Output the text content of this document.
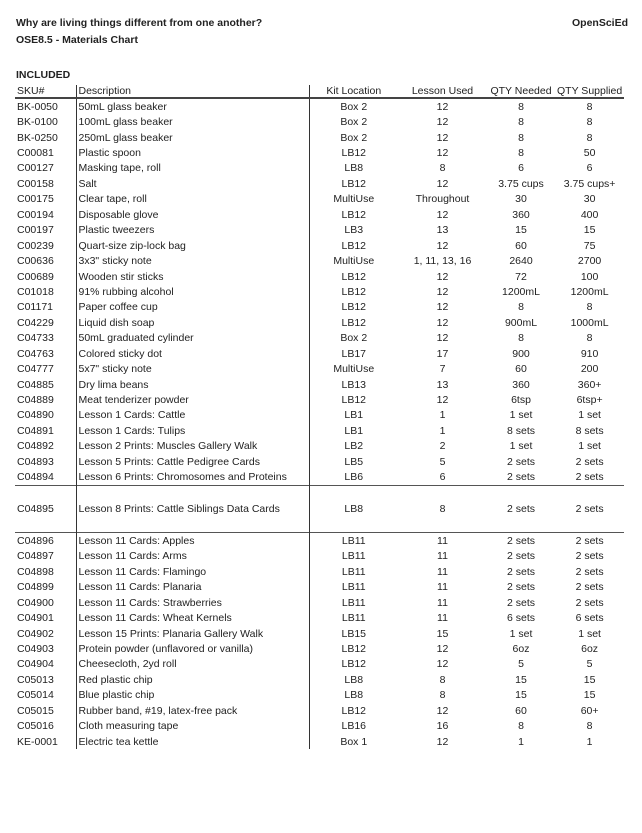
Why are living things different from one another?
OSE8.5 - Materials Chart
OpenSciEd
INCLUDED
SKU#	Description	Kit Location	Lesson Used	QTY Needed	QTY Supplied
BK-0050	50mL glass beaker	Box 2	12	8	8
BK-0100	100mL glass beaker	Box 2	12	8	8
BK-0250	250mL glass beaker	Box 2	12	8	8
C00081	Plastic spoon	LB12	12	8	50
C00127	Masking tape, roll	LB8	8	6	6
C00158	Salt	LB12	12	3.75 cups	3.75 cups+
C00175	Clear tape, roll	MultiUse	Throughout	30	30
C00194	Disposable glove	LB12	12	360	400
C00197	Plastic tweezers	LB3	13	15	15
C00239	Quart-size zip-lock bag	LB12	12	60	75
C00636	3x3" sticky note	MultiUse	1, 11, 13, 16	2640	2700
C00689	Wooden stir sticks	LB12	12	72	100
C01018	91% rubbing alcohol	LB12	12	1200mL	1200mL
C01171	Paper coffee cup	LB12	12	8	8
C04229	Liquid dish soap	LB12	12	900mL	1000mL
C04733	50mL graduated cylinder	Box 2	12	8	8
C04763	Colored sticky dot	LB17	17	900	910
C04777	5x7" sticky note	MultiUse	7	60	200
C04885	Dry lima beans	LB13	13	360	360+
C04889	Meat tenderizer powder	LB12	12	6tsp	6tsp+
C04890	Lesson 1 Cards: Cattle	LB1	1	1 set	1 set
C04891	Lesson 1 Cards: Tulips	LB1	1	8 sets	8 sets
C04892	Lesson 2 Prints: Muscles Gallery Walk	LB2	2	1 set	1 set
C04893	Lesson 5 Prints: Cattle Pedigree Cards	LB5	5	2 sets	2 sets
C04894	Lesson 6 Prints: Chromosomes and Proteins	LB6	6	2 sets	2 sets
C04895	Lesson 8 Prints: Cattle Siblings Data Cards	LB8	8	2 sets	2 sets
C04896	Lesson 11 Cards: Apples	LB11	11	2 sets	2 sets
C04897	Lesson 11 Cards: Arms	LB11	11	2 sets	2 sets
C04898	Lesson 11 Cards: Flamingo	LB11	11	2 sets	2 sets
C04899	Lesson 11 Cards: Planaria	LB11	11	2 sets	2 sets
C04900	Lesson 11 Cards: Strawberries	LB11	11	2 sets	2 sets
C04901	Lesson 11 Cards: Wheat Kernels	LB11	11	6 sets	6 sets
C04902	Lesson 15 Prints: Planaria Gallery Walk	LB15	15	1 set	1 set
C04903	Protein powder (unflavored or vanilla)	LB12	12	6oz	6oz
C04904	Cheesecloth, 2yd roll	LB12	12	5	5
C05013	Red plastic chip	LB8	8	15	15
C05014	Blue plastic chip	LB8	8	15	15
C05015	Rubber band, #19, latex-free pack	LB12	12	60	60+
C05016	Cloth measuring tape	LB16	16	8	8
KE-0001	Electric tea kettle	Box 1	12	1	1
